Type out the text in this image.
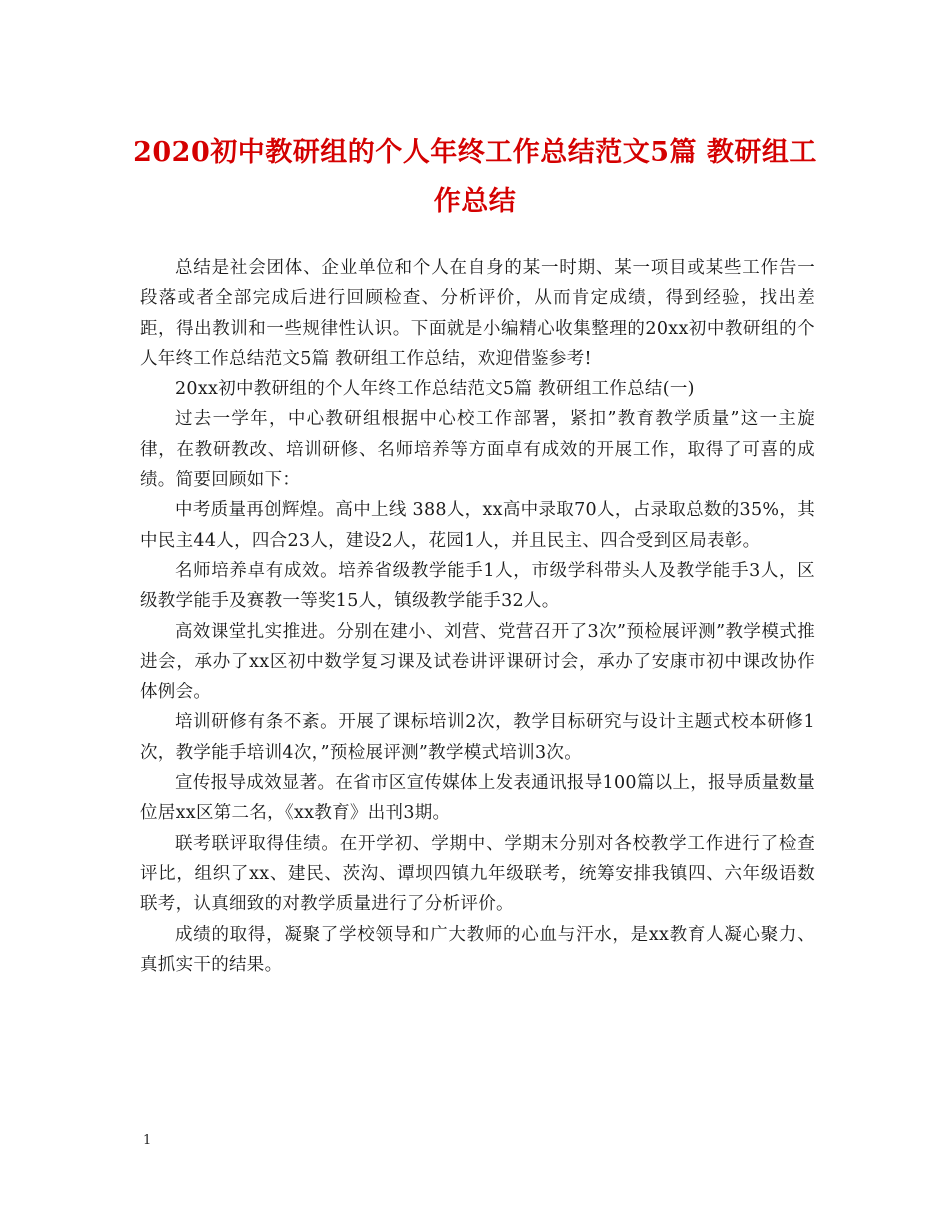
2020初中教研组的个人年终工作总结范文5篇 教研组工作总结

总结是社会团体、企业单位和个人在自身的某一时期、某一项目或某些工作告一段落或者全部完成后进行回顾检查、分析评价，从而肯定成绩，得到经验，找出差距，得出教训和一些规律性认识。下面就是小编精心收集整理的20xx初中教研组的个人年终工作总结范文5篇 教研组工作总结，欢迎借鉴参考!

20xx初中教研组的个人年终工作总结范文5篇 教研组工作总结(一)

过去一学年，中心教研组根据中心校工作部署，紧扣”教育教学质量”这一主旋律，在教研教改、培训研修、名师培养等方面卓有成效的开展工作，取得了可喜的成绩。简要回顾如下：

中考质量再创辉煌。高中上线 388人，xx高中录取70人，占录取总数的35%，其中民主44人，四合23人，建设2人，花园1人，并且民主、四合受到区局表彰。

名师培养卓有成效。培养省级教学能手1人，市级学科带头人及教学能手3人，区级教学能手及赛教一等奖15人，镇级教学能手32人。

高效课堂扎实推进。分别在建小、刘营、党营召开了3次”预检展评测”教学模式推进会，承办了xx区初中数学复习课及试卷讲评课研讨会，承办了安康市初中课改协作体例会。

培训研修有条不紊。开展了课标培训2次，教学目标研究与设计主题式校本研修1次，教学能手培训4次，”预检展评测”教学模式培训3次。

宣传报导成效显著。在省市区宣传媒体上发表通讯报导100篇以上，报导质量数量位居xx区第二名，《xx教育》出刊3期。

联考联评取得佳绩。在开学初、学期中、学期末分别对各校教学工作进行了检查评比，组织了xx、建民、茨沟、谭坝四镇九年级联考，统筹安排我镇四、六年级语数联考，认真细致的对教学质量进行了分析评价。

成绩的取得，凝聚了学校领导和广大教师的心血与汗水，是xx教育人凝心聚力、真抓实干的结果。

1
